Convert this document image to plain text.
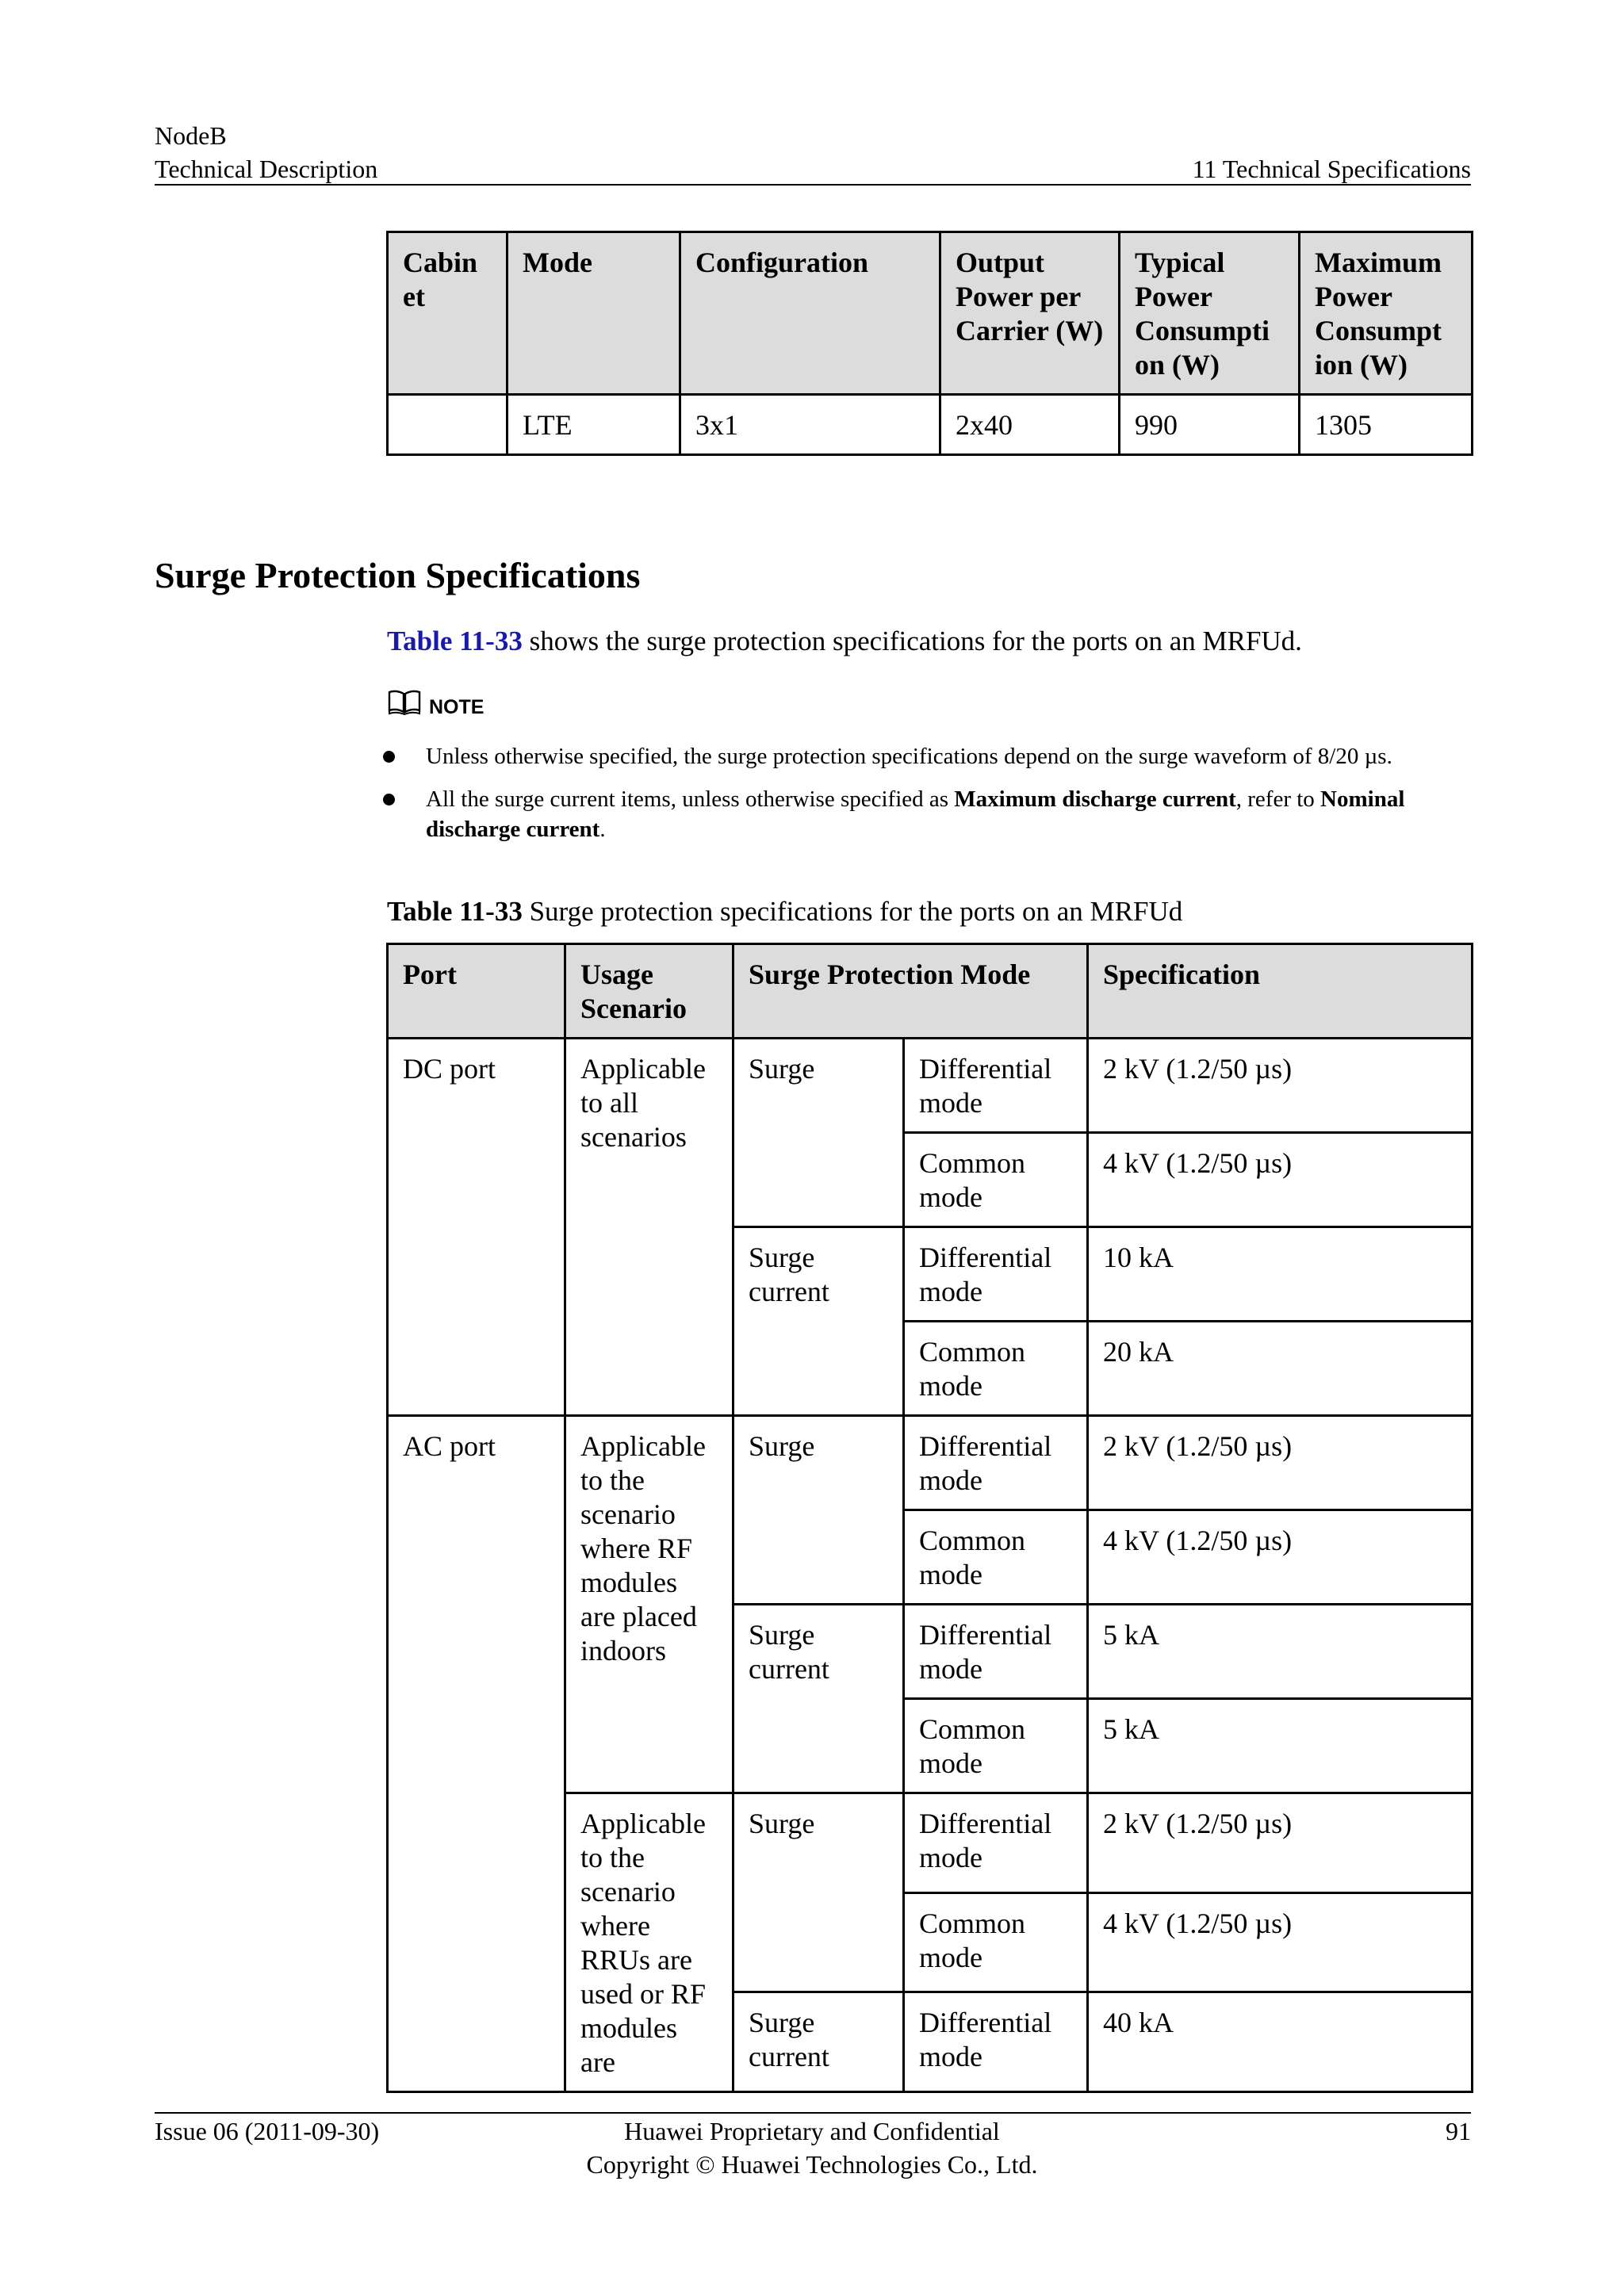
NodeB
Technical Description	11 Technical Specifications
Cabin et	Mode	Configuration	Output Power per Carrier (W)	Typical Power Consumpti on (W)	Maximum Power Consumpt ion (W)
	LTE	3x1	2x40	990	1305
Surge Protection Specifications
Table 11-33 shows the surge protection specifications for the ports on an MRFUd.
NOTE
Unless otherwise specified, the surge protection specifications depend on the surge waveform of 8/20 µs.
All the surge current items, unless otherwise specified as Maximum discharge current, refer to Nominal discharge current.
Table 11-33 Surge protection specifications for the ports on an MRFUd
Port	Usage Scenario	Surge Protection Mode		Specification
DC port	Applicable to all scenarios	Surge	Differential mode	2 kV (1.2/50 µs)
			Common mode	4 kV (1.2/50 µs)
		Surge current	Differential mode	10 kA
			Common mode	20 kA
AC port	Applicable to the scenario where RF modules are placed indoors	Surge	Differential mode	2 kV (1.2/50 µs)
			Common mode	4 kV (1.2/50 µs)
		Surge current	Differential mode	5 kA
			Common mode	5 kA
	Applicable to the scenario where RRUs are used or RF modules are	Surge	Differential mode	2 kV (1.2/50 µs)
			Common mode	4 kV (1.2/50 µs)
		Surge current	Differential mode	40 kA
Issue 06 (2011-09-30)	Huawei Proprietary and Confidential
Copyright © Huawei Technologies Co., Ltd.
91
